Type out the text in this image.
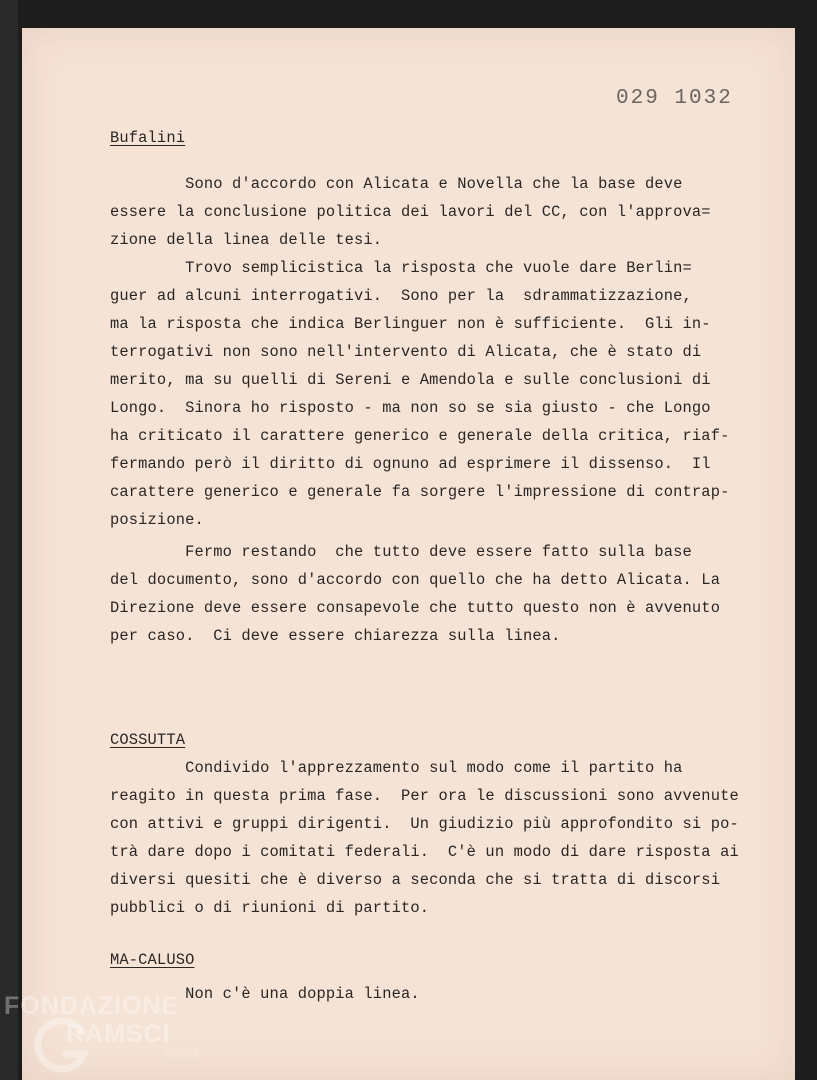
029 1032
Bufalini
Sono d'accordo con Alicata e Novella che la base deve
essere la conclusione politica dei lavori del CC, con l'approva=
zione della linea delle tesi.
Trovo semplicistica la risposta che vuole dare Berlin=
guer ad alcuni interrogativi.  Sono per la  sdrammatizzazione,
ma la risposta che indica Berlinguer non è sufficiente.  Gli in-
terrogativi non sono nell'intervento di Alicata, che è stato di
merito, ma su quelli di Sereni e Amendola e sulle conclusioni di
Longo.  Sinora ho risposto - ma non so se sia giusto - che Longo
ha criticato il carattere generico e generale della critica, riaf-
fermando però il diritto di ognuno ad esprimere il dissenso.  Il
carattere generico e generale fa sorgere l'impressione di contrap-
posizione.
Fermo restando  che tutto deve essere fatto sulla base
del documento, sono d'accordo con quello che ha detto Alicata. La
Direzione deve essere consapevole che tutto questo non è avvenuto
per caso.  Ci deve essere chiarezza sulla linea.
COSSUTTA
Condivido l'apprezzamento sul modo come il partito ha
reagito in questa prima fase.  Per ora le discussioni sono avvenute
con attivi e gruppi dirigenti.  Un giudizio più approfondito si po-
trà dare dopo i comitati federali.  C'è un modo di dare risposta ai
diversi quesiti che è diverso a seconda che si tratta di discorsi
pubblici o di riunioni di partito.
MA-CALUSO
Non c'è una doppia linea.
FONDAZIONE
RAMSCI
ONLUS
